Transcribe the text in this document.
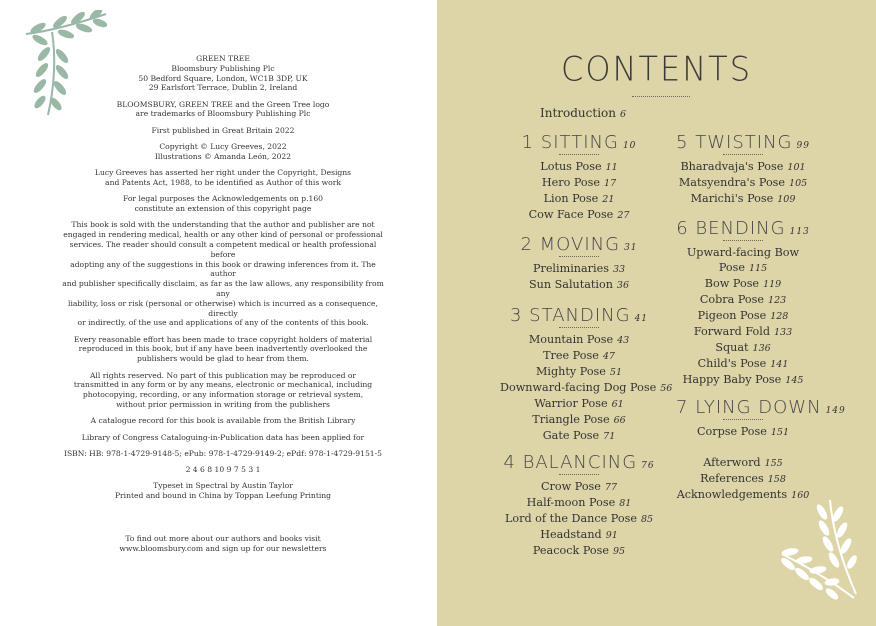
GREEN TREE
Bloomsbury Publishing Plc
50 Bedford Square, London, WC1B 3DP, UK
29 Earlsfort Terrace, Dublin 2, Ireland

BLOOMSBURY, GREEN TREE and the Green Tree logo
are trademarks of Bloomsbury Publishing Plc

First published in Great Britain 2022

Copyright © Lucy Greeves, 2022
Illustrations © Amanda León, 2022

Lucy Greeves has asserted her right under the Copyright, Designs
and Patents Act, 1988, to be identified as Author of this work

For legal purposes the Acknowledgements on p.160
constitute an extension of this copyright page

This book is sold with the understanding that the author and publisher are not
engaged in rendering medical, health or any other kind of personal or professional
services. The reader should consult a competent medical or health professional before
adopting any of the suggestions in this book or drawing inferences from it. The author
and publisher specifically disclaim, as far as the law allows, any responsibility from any
liability, loss or risk (personal or otherwise) which is incurred as a consequence, directly
or indirectly, of the use and applications of any of the contents of this book.

Every reasonable effort has been made to trace copyright holders of material
reproduced in this book, but if any have been inadvertently overlooked the
publishers would be glad to hear from them.

All rights reserved. No part of this publication may be reproduced or
transmitted in any form or by any means, electronic or mechanical, including
photocopying, recording, or any information storage or retrieval system,
without prior permission in writing from the publishers

A catalogue record for this book is available from the British Library

Library of Congress Cataloguing-in-Publication data has been applied for

ISBN: HB: 978-1-4729-9148-5; ePub: 978-1-4729-9149-2; ePdf: 978-1-4729-9151-5

2 4 6 8 10 9 7 5 3 1

Typeset in Spectral by Austin Taylor
Printed and bound in China by Toppan Leefung Printing

To find out more about our authors and books visit
www.bloomsbury.com and sign up for our newsletters
CONTENTS
Introduction 6
1 SITTING 10
Lotus Pose 11
Hero Pose 17
Lion Pose 21
Cow Face Pose 27
2 MOVING 31
Preliminaries 33
Sun Salutation 36
3 STANDING 41
Mountain Pose 43
Tree Pose 47
Mighty Pose 51
Downward-facing Dog Pose 56
Warrior Pose 61
Triangle Pose 66
Gate Pose 71
4 BALANCING 76
Crow Pose 77
Half-moon Pose 81
Lord of the Dance Pose 85
Headstand 91
Peacock Pose 95
5 TWISTING 99
Bharadvaja's Pose 101
Matsyendra's Pose 105
Marichi's Pose 109
6 BENDING 113
Upward-facing Bow Pose 115
Bow Pose 119
Cobra Pose 123
Pigeon Pose 128
Forward Fold 133
Squat 136
Child's Pose 141
Happy Baby Pose 145
7 LYING DOWN 149
Corpse Pose 151
Afterword 155
References 158
Acknowledgements 160
